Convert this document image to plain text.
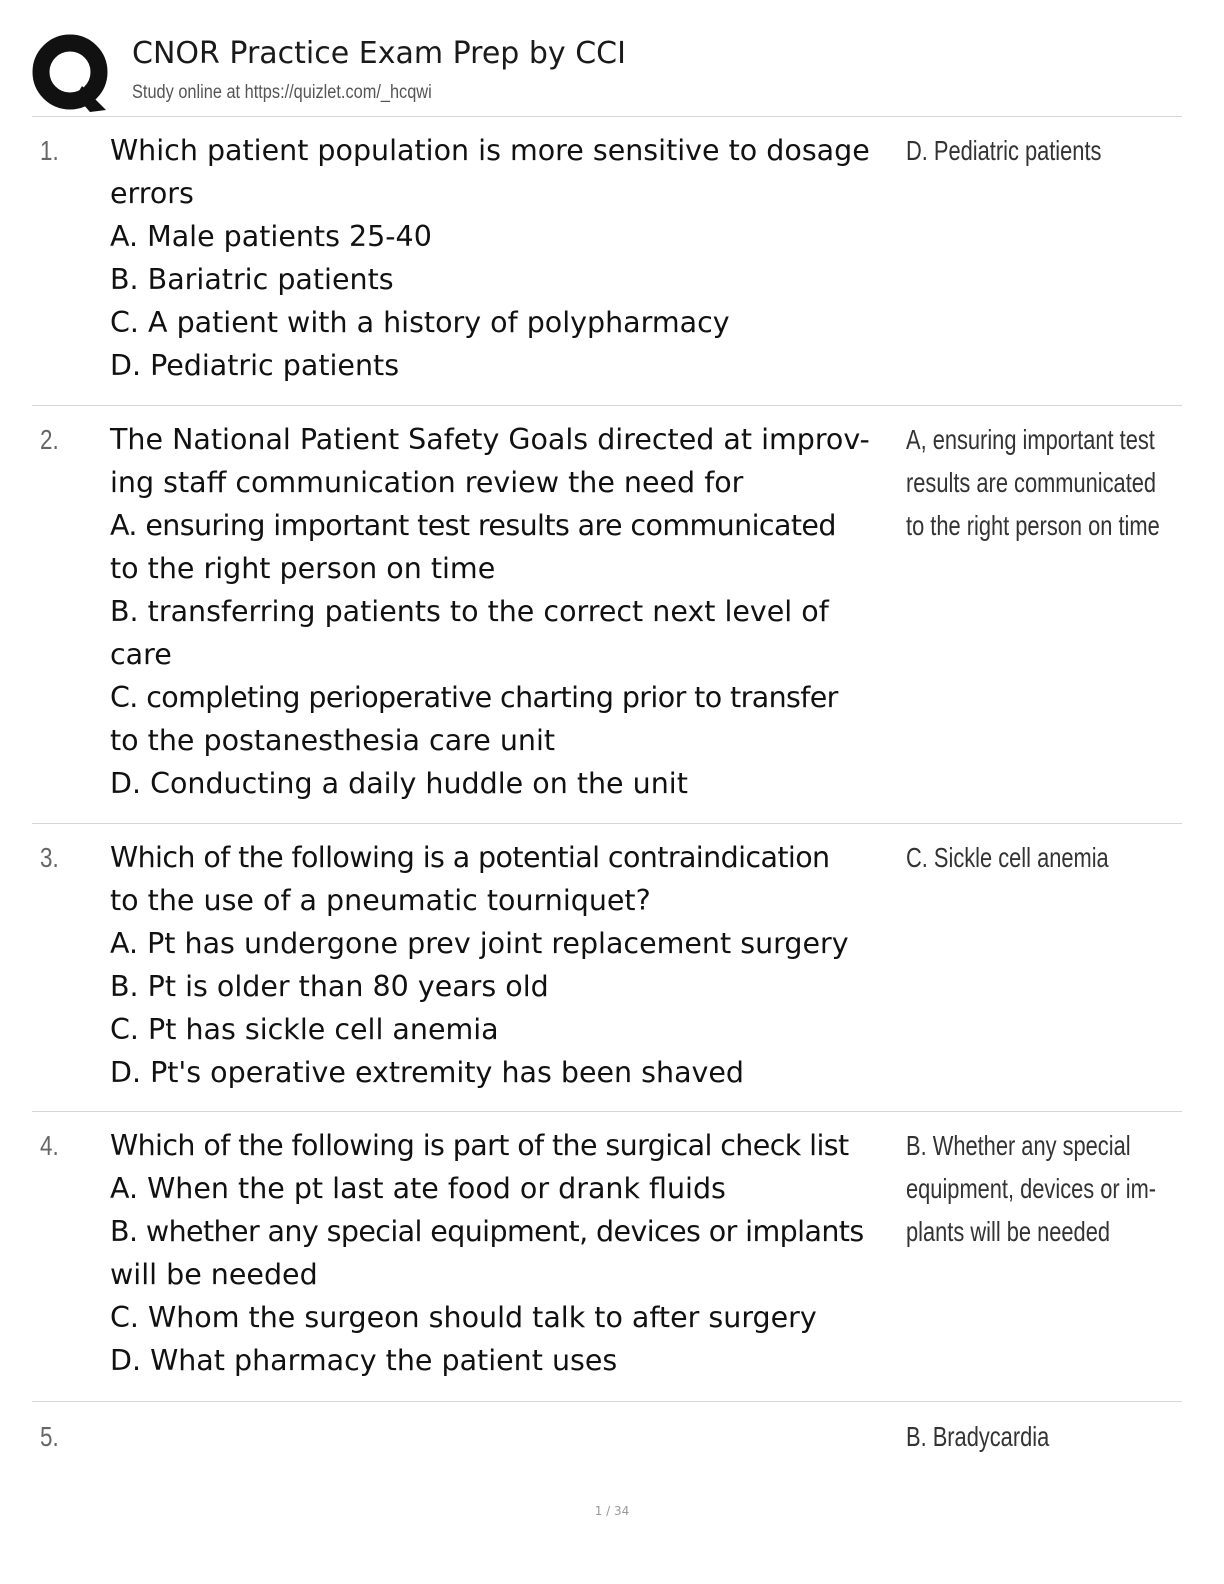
CNOR Practice Exam Prep by CCI
Study online at https://quizlet.com/_hcqwi
1. Which patient population is more sensitive to dosage
errors
A. Male patients 25-40
B. Bariatric patients
C. A patient with a history of polypharmacy
D. Pediatric patients
D. Pediatric patients
2. The National Patient Safety Goals directed at improv-
ing staff communication review the need for
A. ensuring important test results are communicated
to the right person on time
B. transferring patients to the correct next level of
care
C. completing perioperative charting prior to transfer
to the postanesthesia care unit
D. Conducting a daily huddle on the unit
A, ensuring important test
results are communicated
to the right person on time
3. Which of the following is a potential contraindication
to the use of a pneumatic tourniquet?
A. Pt has undergone prev joint replacement surgery
B. Pt is older than 80 years old
C. Pt has sickle cell anemia
D. Pt's operative extremity has been shaved
C. Sickle cell anemia
4. Which of the following is part of the surgical check list
A. When the pt last ate food or drank fluids
B. whether any special equipment, devices or implants
will be needed
C. Whom the surgeon should talk to after surgery
D. What pharmacy the patient uses
B. Whether any special
equipment, devices or im-
plants will be needed
5.	B. Bradycardia
1 / 34
